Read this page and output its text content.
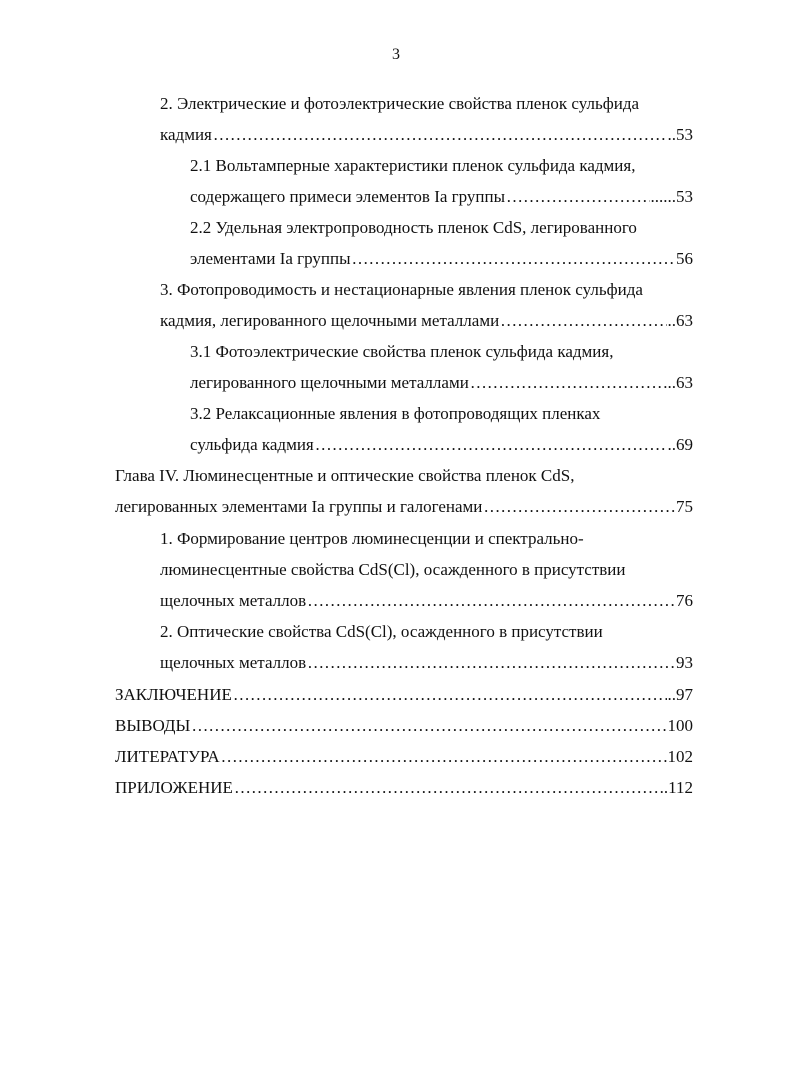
3
2. Электрические и фотоэлектрические свойства пленок сульфида
кадмия …………………………………………………………………………………………………………………………………………………………………	..53
2.1 Вольтамперные характеристики пленок сульфида кадмия,
содержащего примеси элементов Iа группы …………………………………………………………………………………………………………………………………………………………………	......53
2.2 Удельная электропроводность пленок CdS, легированного
элементами Iа группы …………………………………………………………………………………………………………………………………………………………………	56
3. Фотопроводимость и нестационарные явления пленок сульфида
кадмия, легированного щелочными металлами …………………………………………………………………………………………………………………………………………………………………	..63
3.1 Фотоэлектрические свойства пленок сульфида кадмия,
легированного щелочными металлами …………………………………………………………………………………………………………………………………………………………………	..63
3.2 Релаксационные явления в фотопроводящих пленках
сульфида кадмия …………………………………………………………………………………………………………………………………………………………………	..69
Глава IV. Люминесцентные и оптические свойства пленок CdS,
легированных элементами Iа группы и галогенами …………………………………………………………………………………………………………………………………………………………………	75
1. Формирование центров люминесценции и спектрально-
люминесцентные свойства CdS(Cl), осажденного в присутствии
щелочных металлов …………………………………………………………………………………………………………………………………………………………………	76
2. Оптические свойства CdS(Cl), осажденного в присутствии
щелочных металлов …………………………………………………………………………………………………………………………………………………………………	93
ЗАКЛЮЧЕНИЕ …………………………………………………………………………………………………………………………………………………………………	..97
ВЫВОДЫ …………………………………………………………………………………………………………………………………………………………………	100
ЛИТЕРАТУРА …………………………………………………………………………………………………………………………………………………………………	102
ПРИЛОЖЕНИЕ …………………………………………………………………………………………………………………………………………………………………	..112
